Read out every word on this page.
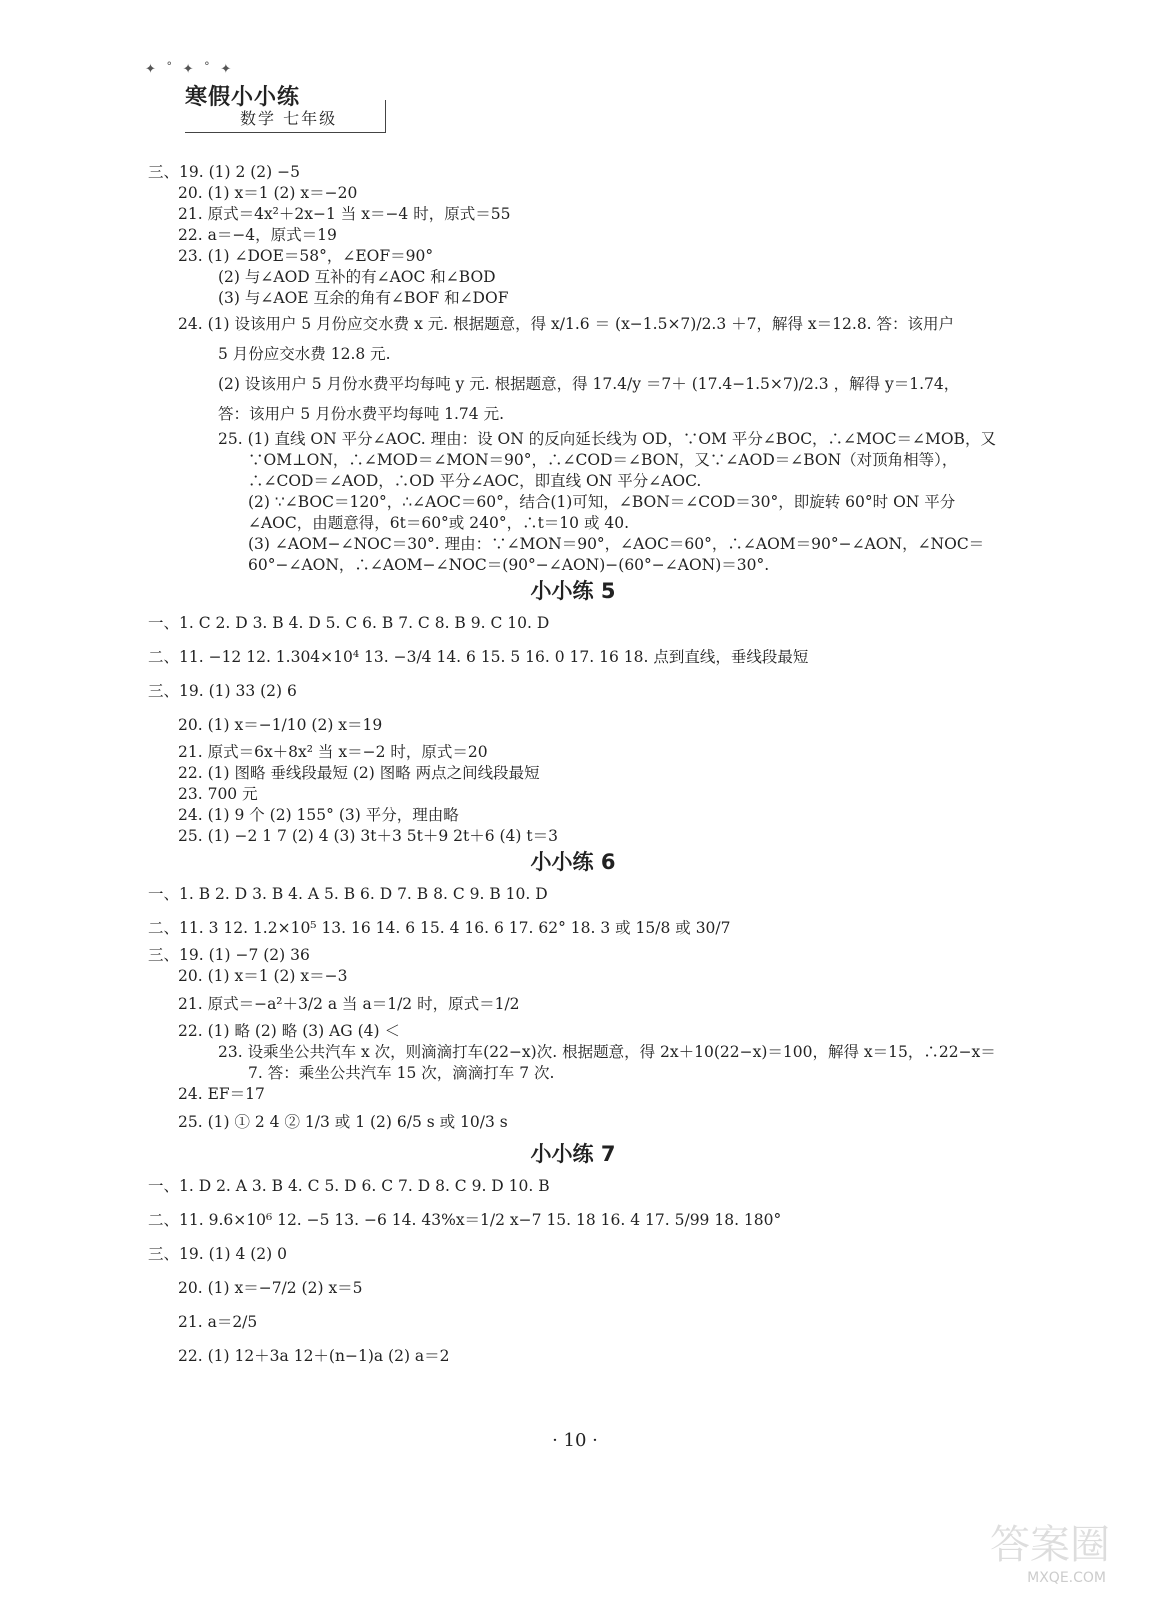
✦ ˚ ✦ ˚ ✦
寒假小小练
数学 七年级
三、19. (1) 2 (2) −5
20. (1) x＝1 (2) x＝−20
21. 原式＝4x²＋2x−1 当 x＝−4 时，原式＝55
22. a＝−4，原式＝19
23. (1) ∠DOE＝58°，∠EOF＝90°
(2) 与∠AOD 互补的有∠AOC 和∠BOD
(3) 与∠AOE 互余的角有∠BOF 和∠DOF
24. (1) 设该用户 5 月份应交水费 x 元. 根据题意，得 x/1.6 ＝ (x−1.5×7)/2.3 ＋7，解得 x＝12.8. 答：该用户
5 月份应交水费 12.8 元.
(2) 设该用户 5 月份水费平均每吨 y 元. 根据题意，得 17.4/y ＝7＋ (17.4−1.5×7)/2.3 ，解得 y＝1.74，
答：该用户 5 月份水费平均每吨 1.74 元.
25. (1) 直线 ON 平分∠AOC. 理由：设 ON 的反向延长线为 OD，∵OM 平分∠BOC，∴∠MOC＝∠MOB，又∵OM⊥ON，∴∠MOD＝∠MON＝90°，∴∠COD＝∠BON，又∵∠AOD＝∠BON（对顶角相等），∴∠COD＝∠AOD，∴OD 平分∠AOC，即直线 ON 平分∠AOC.
(2) ∵∠BOC＝120°，∴∠AOC＝60°，结合(1)可知，∠BON＝∠COD＝30°，即旋转 60°时 ON 平分∠AOC，由题意得，6t＝60°或 240°，∴t＝10 或 40.
(3) ∠AOM−∠NOC＝30°. 理由：∵∠MON＝90°，∠AOC＝60°，∴∠AOM＝90°−∠AON，∠NOC＝60°−∠AON，∴∠AOM−∠NOC＝(90°−∠AON)−(60°−∠AON)＝30°.
小小练 5
一、1. C 2. D 3. B 4. D 5. C 6. B 7. C 8. B 9. C 10. D
二、11. −12 12. 1.304×10⁴ 13. −3/4 14. 6 15. 5 16. 0 17. 16 18. 点到直线，垂线段最短
三、19. (1) 33 (2) 6
20. (1) x＝−1/10 (2) x＝19
21. 原式＝6x＋8x² 当 x＝−2 时，原式＝20
22. (1) 图略 垂线段最短 (2) 图略 两点之间线段最短
23. 700 元
24. (1) 9 个 (2) 155° (3) 平分，理由略
25. (1) −2 1 7 (2) 4 (3) 3t＋3 5t＋9 2t＋6 (4) t＝3
小小练 6
一、1. B 2. D 3. B 4. A 5. B 6. D 7. B 8. C 9. B 10. D
二、11. 3 12. 1.2×10⁵ 13. 16 14. 6 15. 4 16. 6 17. 62° 18. 3 或 15/8 或 30/7
三、19. (1) −7 (2) 36
20. (1) x＝1 (2) x＝−3
21. 原式＝−a²＋3/2 a 当 a＝1/2 时，原式＝1/2
22. (1) 略 (2) 略 (3) AG (4) ＜
23. 设乘坐公共汽车 x 次，则滴滴打车(22−x)次. 根据题意，得 2x＋10(22−x)＝100，解得 x＝15，∴22−x＝7. 答：乘坐公共汽车 15 次，滴滴打车 7 次.
24. EF＝17
25. (1) ① 2 4 ② 1/3 或 1 (2) 6/5 s 或 10/3 s
小小练 7
一、1. D 2. A 3. B 4. C 5. D 6. C 7. D 8. C 9. D 10. B
二、11. 9.6×10⁶ 12. −5 13. −6 14. 43%x＝1/2 x−7 15. 18 16. 4 17. 5/99 18. 180°
三、19. (1) 4 (2) 0
20. (1) x＝−7/2 (2) x＝5
21. a＝2/5
22. (1) 12＋3a 12＋(n−1)a (2) a＝2
· 10 ·
答案圈
MXQE.COM
